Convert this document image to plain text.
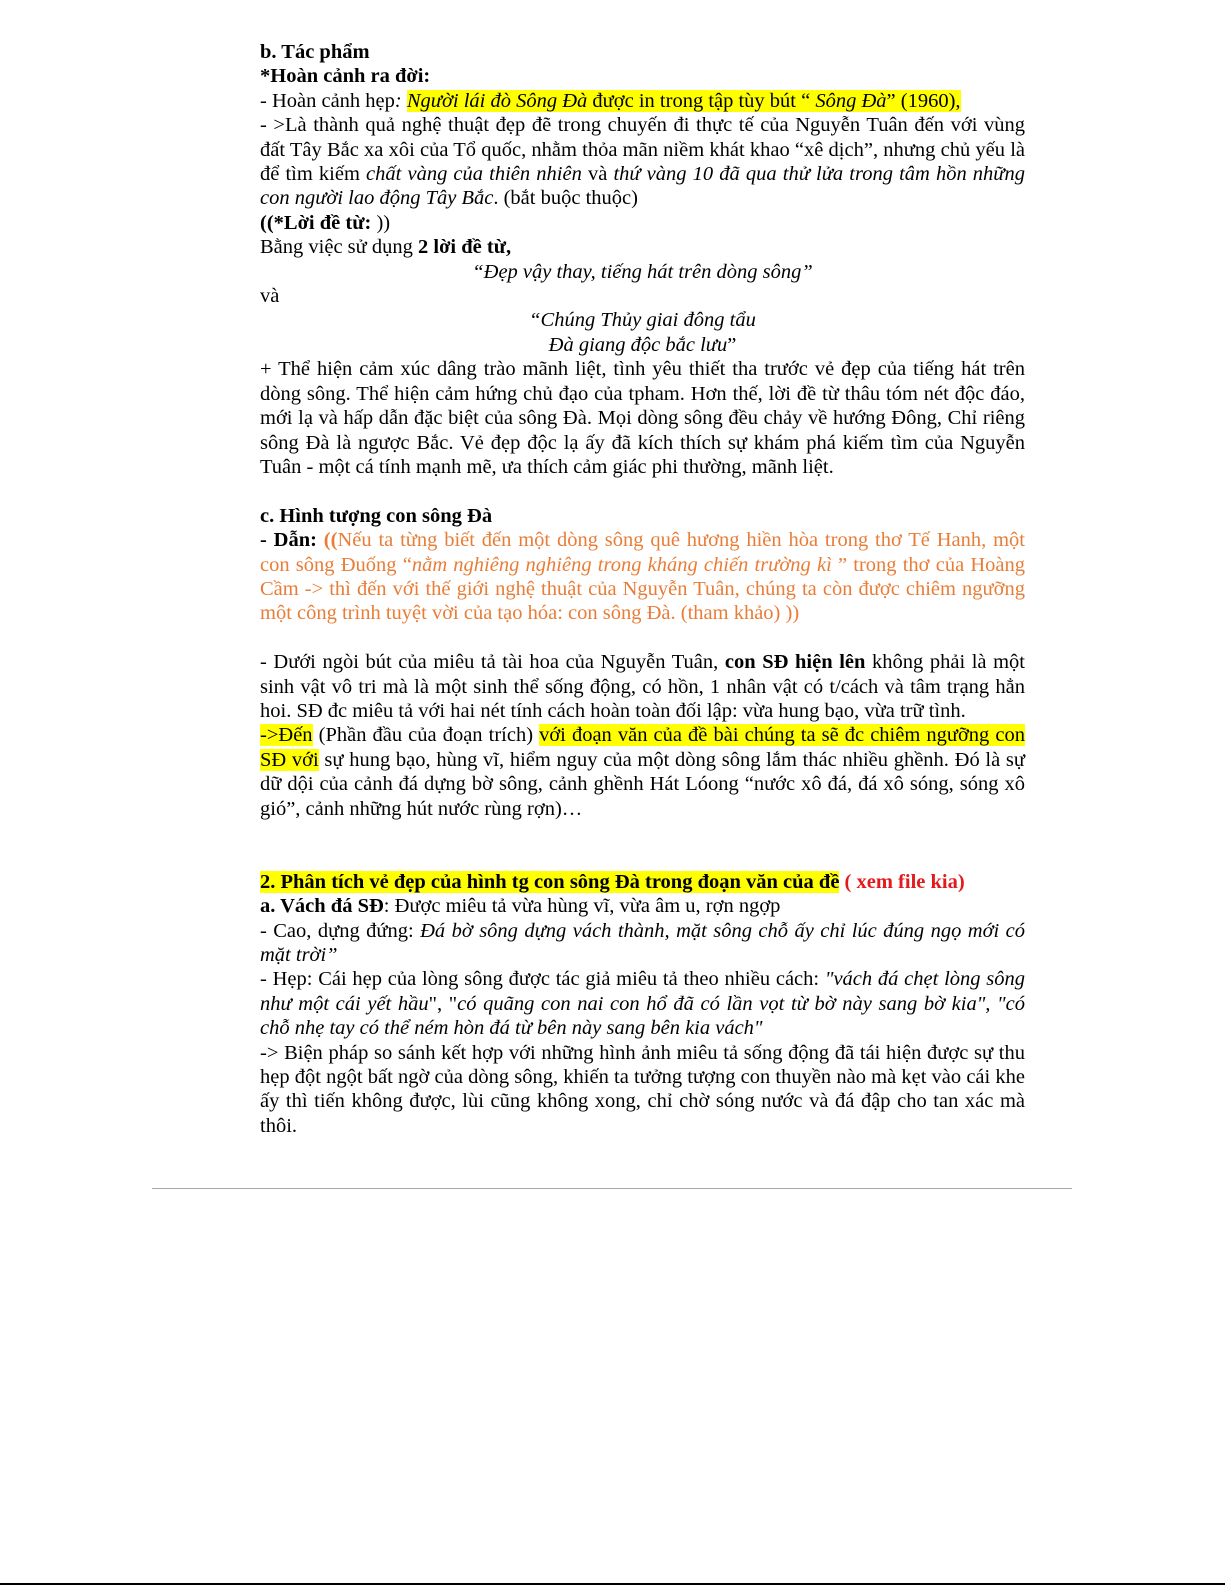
b. Tác phẩm

*Hoàn cảnh ra đời:

- Hoàn cảnh hẹp: Người lái đò Sông Đà được in trong tập tùy bút “ Sông Đà” (1960),

- >Là thành quả nghệ thuật đẹp đẽ trong chuyến đi thực tế của Nguyễn Tuân đến với vùng đất Tây Bắc xa xôi của Tổ quốc, nhằm thỏa mãn niềm khát khao “xê dịch”, nhưng chủ yếu là để tìm kiếm chất vàng của thiên nhiên và thứ vàng 10 đã qua thử lửa trong tâm hồn những con người lao động Tây Bắc. (bắt buộc thuộc)

((*Lời đề từ: ))

Bằng việc sử dụng 2 lời đề từ,

“Đẹp vậy thay, tiếng hát trên dòng sông”

và

“Chúng Thủy giai đông tẩu

Đà giang độc bắc lưu”

+ Thể hiện cảm xúc dâng trào mãnh liệt, tình yêu thiết tha trước vẻ đẹp của tiếng hát trên dòng sông. Thể hiện cảm hứng chủ đạo của tpham. Hơn thế, lời đề từ thâu tóm nét độc đáo, mới lạ và hấp dẫn đặc biệt của sông Đà. Mọi dòng sông đều chảy về hướng Đông, Chỉ riêng sông Đà là ngược Bắc. Vẻ đẹp độc lạ ấy đã kích thích sự khám phá kiếm tìm của Nguyễn Tuân - một cá tính mạnh mẽ, ưa thích cảm giác phi thường, mãnh liệt.

c. Hình tượng con sông Đà

- Dẫn: ((Nếu ta từng biết đến một dòng sông quê hương hiền hòa trong thơ Tế Hanh, một con sông Đuống “nằm nghiêng nghiêng trong kháng chiến trường kì ” trong thơ của Hoàng Cầm -> thì đến với thế giới nghệ thuật của Nguyễn Tuân, chúng ta còn được chiêm ngưỡng một công trình tuyệt vời của tạo hóa: con sông Đà. (tham khảo) ))

- Dưới ngòi bút của miêu tả tài hoa của Nguyễn Tuân, con SĐ hiện lên không phải là một sinh vật vô tri mà là một sinh thể sống động, có hồn, 1 nhân vật có t/cách và tâm trạng hẳn hoi. SĐ đc miêu tả với hai nét tính cách hoàn toàn đối lập: vừa hung bạo, vừa trữ tình.

->Đến (Phần đầu của đoạn trích) với đoạn văn của đề bài chúng ta sẽ đc chiêm ngưỡng con SĐ với sự hung bạo, hùng vĩ, hiểm nguy của một dòng sông lắm thác nhiều ghềnh. Đó là sự dữ dội của cảnh đá dựng bờ sông, cảnh ghềnh Hát Lóong “nước xô đá, đá xô sóng, sóng xô gió”, cảnh những hút nước rùng rợn)…

2. Phân tích vẻ đẹp của hình tg con sông Đà trong đoạn văn của đề ( xem file kia)

a. Vách đá SĐ: Được miêu tả vừa hùng vĩ, vừa âm u, rợn ngợp

- Cao, dựng đứng: Đá bờ sông dựng vách thành, mặt sông chỗ ấy chỉ lúc đúng ngọ mới có mặt trời”

- Hẹp: Cái hẹp của lòng sông được tác giả miêu tả theo nhiều cách: "vách đá chẹt lòng sông như một cái yết hầu", "có quãng con nai con hổ đã có lần vọt từ bờ này sang bờ kia", "có chỗ nhẹ tay có thể ném hòn đá từ bên này sang bên kia vách"

-> Biện pháp so sánh kết hợp với những hình ảnh miêu tả sống động đã tái hiện được sự thu hẹp đột ngột bất ngờ của dòng sông, khiến ta tưởng tượng con thuyền nào mà kẹt vào cái khe ấy thì tiến không được, lùi cũng không xong, chỉ chờ sóng nước và đá đập cho tan xác mà thôi.
